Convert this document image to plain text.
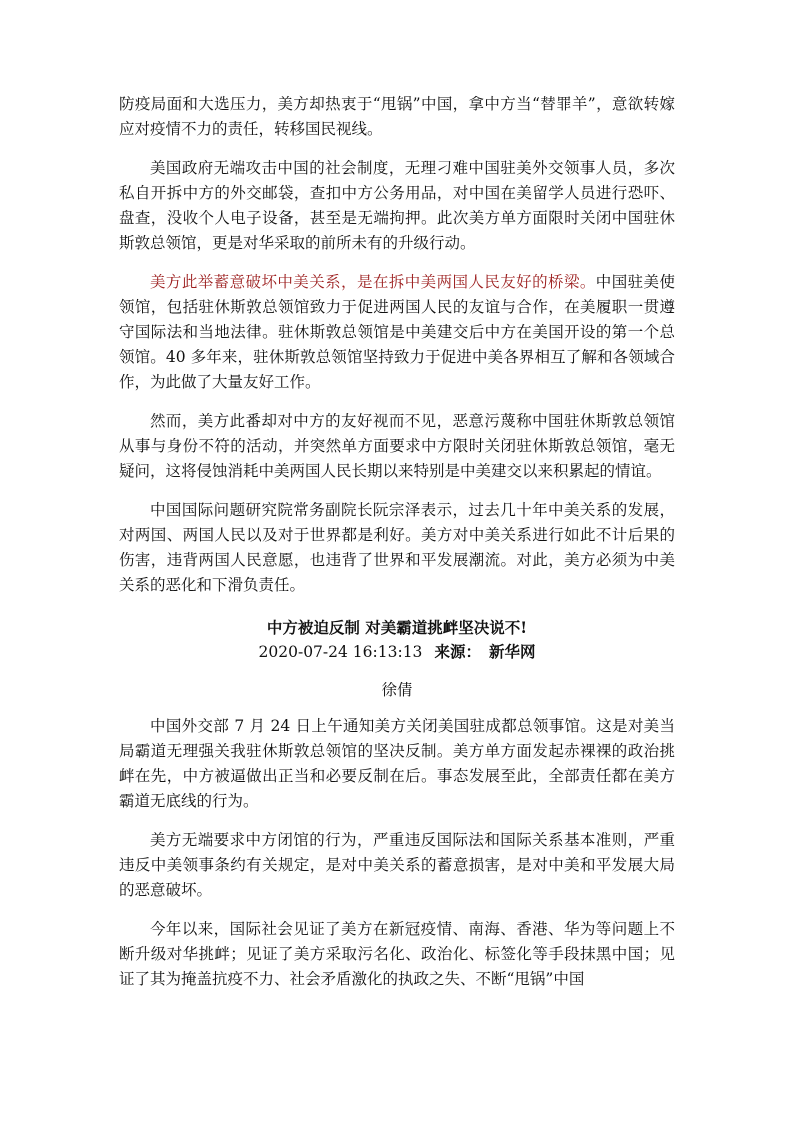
防疫局面和大选压力，美方却热衷于“甩锅”中国，拿中方当“替罪羊”，意欲转嫁应对疫情不力的责任，转移国民视线。

美国政府无端攻击中国的社会制度，无理刁难中国驻美外交领事人员，多次私自开拆中方的外交邮袋，查扣中方公务用品，对中国在美留学人员进行恐吓、盘查，没收个人电子设备，甚至是无端拘押。此次美方单方面限时关闭中国驻休斯敦总领馆，更是对华采取的前所未有的升级行动。

美方此举蓄意破坏中美关系，是在拆中美两国人民友好的桥梁。中国驻美使领馆，包括驻休斯敦总领馆致力于促进两国人民的友谊与合作，在美履职一贯遵守国际法和当地法律。驻休斯敦总领馆是中美建交后中方在美国开设的第一个总领馆。40 多年来，驻休斯敦总领馆坚持致力于促进中美各界相互了解和各领域合作，为此做了大量友好工作。

然而，美方此番却对中方的友好视而不见，恶意污蔑称中国驻休斯敦总领馆从事与身份不符的活动，并突然单方面要求中方限时关闭驻休斯敦总领馆，毫无疑问，这将侵蚀消耗中美两国人民长期以来特别是中美建交以来积累起的情谊。

中国国际问题研究院常务副院长阮宗泽表示，过去几十年中美关系的发展，对两国、两国人民以及对于世界都是利好。美方对中美关系进行如此不计后果的伤害，违背两国人民意愿，也违背了世界和平发展潮流。对此，美方必须为中美关系的恶化和下滑负责任。

中方被迫反制 对美霸道挑衅坚决说不!

2020-07-24 16:13:13 来源： 新华网

徐倩

中国外交部 7 月 24 日上午通知美方关闭美国驻成都总领事馆。这是对美当局霸道无理强关我驻休斯敦总领馆的坚决反制。美方单方面发起赤裸裸的政治挑衅在先，中方被逼做出正当和必要反制在后。事态发展至此，全部责任都在美方霸道无底线的行为。

美方无端要求中方闭馆的行为，严重违反国际法和国际关系基本准则，严重违反中美领事条约有关规定，是对中美关系的蓄意损害，是对中美和平发展大局的恶意破坏。

今年以来，国际社会见证了美方在新冠疫情、南海、香港、华为等问题上不断升级对华挑衅；见证了美方采取污名化、政治化、标签化等手段抹黑中国；见证了其为掩盖抗疫不力、社会矛盾激化的执政之失、不断“甩锅”中国
